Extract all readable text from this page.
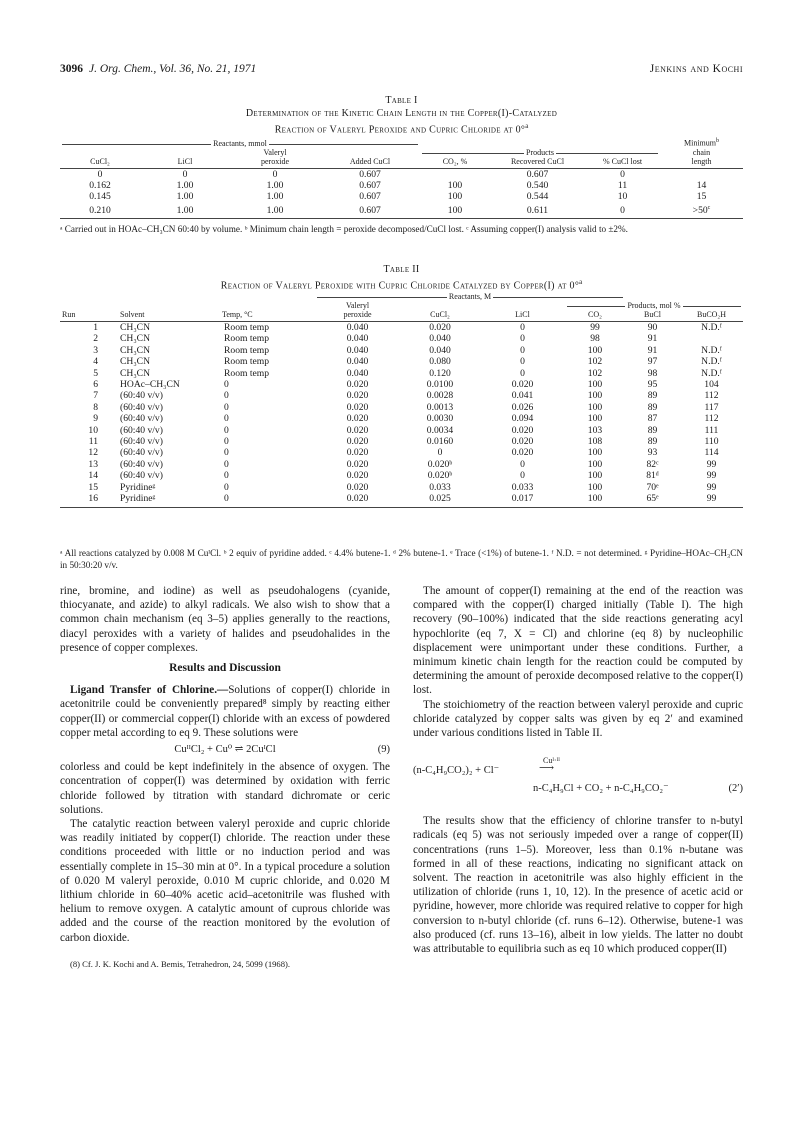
3096 J. Org. Chem., Vol. 36, No. 21, 1971	Jenkins and Kochi
Table I
Determination of the Kinetic Chain Length in the Copper(I)-Catalyzed
Reaction of Valeryl Peroxide and Cupric Chloride at 0°$^a$
Reactants, mmol							Minimum$^b$
		Valeryl		Products			chain
CuCl₂	LiCl	peroxide	Added CuCl	CO₂, %	Recovered CuCl	% CuCl lost	length

0	0	0	0.607		0.607	0	
0.162	1.00	1.00	0.607	100	0.540	11	14
0.145	1.00	1.00	0.607	100	0.544	10	15
0.210	1.00	1.00	0.607	100	0.611	0	$>50^c$

ᵃ Carried out in HOAc–CH₃CN 60:40 by volume. ᵇ Minimum chain length = peroxide decomposed/CuCl lost. ᶜ Assuming copper(I) analysis valid to ±2%.
Table II
Reaction of Valeryl Peroxide with Cupric Chloride Catalyzed by Copper(I) at 0°$^a$

Reactants, M					

			Valeryl			Products, mol %		

Run	Solvent	Temp, °C	peroxide	CuCl₂	LiCl	CO₂	BuCl	BuCO₂H

1	CH₃CN	Room temp	0.040	0.020	0	99	90	N.D.ᶠ
2	CH₃CN	Room temp	0.040	0.040	0	98	91	
3	CH₃CN	Room temp	0.040	0.040	0	100	91	N.D.ᶠ
4	CH₃CN	Room temp	0.040	0.080	0	102	97	N.D.ᶠ
5	CH₃CN	Room temp	0.040	0.120	0	102	98	N.D.ᶠ
6	HOAc–CH₃CN	0	0.020	0.0100	0.020	100	95	104
7	(60:40 v/v)	0	0.020	0.0028	0.041	100	89	112
8	(60:40 v/v)	0	0.020	0.0013	0.026	100	89	117
9	(60:40 v/v)	0	0.020	0.0030	0.094	100	87	112
10	(60:40 v/v)	0	0.020	0.0034	0.020	103	89	111
11	(60:40 v/v)	0	0.020	0.0160	0.020	108	89	110
12	(60:40 v/v)	0	0.020	0	0.020	100	93	114
13	(60:40 v/v)	0	0.020	0.020ᵇ	0	100	82ᶜ	99
14	(60:40 v/v)	0	0.020	0.020ᵇ	0	100	81ᵈ	99
15	Pyridineᵍ	0	0.020	0.033	0.033	100	70ᵉ	99
16	Pyridineᵍ	0	0.020	0.025	0.017	100	65ᵉ	99

ᵃ All reactions catalyzed by 0.008 M CuᴵCl. ᵇ 2 equiv of pyridine added. ᶜ 4.4% butene-1. ᵈ 2% butene-1. ᵉ Trace (<1%) of butene-1. ᶠ N.D. = not determined. ᵍ Pyridine–HOAc–CH₃CN in 50:30:20 v/v.

rine, bromine, and iodine) as well as pseudohalogens (cyanide, thiocyanate, and azide) to alkyl radicals. We also wish to show that a common chain mechanism (eq 3–5) applies generally to the reactions, diacyl peroxides with a variety of halides and pseudohalides in the presence of copper complexes.

Results and Discussion

Ligand Transfer of Chlorine.—Solutions of copper(I) chloride in acetonitrile could be conveniently prepared⁸ simply by reacting either copper(II) or commercial copper(I) chloride with an excess of powdered copper metal according to eq 9. These solutions were

CuᴵᴵCl₂ + Cu⁰ ⇌ 2CuᴵCl	(9)

colorless and could be kept indefinitely in the absence of oxygen. The concentration of copper(I) was determined by oxidation with ferric chloride followed by titration with standard dichromate or ceric solutions.

The catalytic reaction between valeryl peroxide and cupric chloride was readily initiated by copper(I) chloride. The reaction under these conditions proceeded with little or no induction period and was essentially complete in 15–30 min at 0°. In a typical procedure a solution of 0.020 M valeryl peroxide, 0.010 M cupric chloride, and 0.020 M lithium chloride in 60–40% acetic acid–acetonitrile was flushed with helium to remove oxygen. A catalytic amount of cuprous chloride was added and the course of the reaction monitored by the evolution of carbon dioxide.

(8) Cf. J. K. Kochi and A. Bemis, Tetrahedron, 24, 5099 (1968).

The amount of copper(I) remaining at the end of the reaction was compared with the copper(I) charged initially (Table I). The high recovery (90–100%) indicated that the side reactions generating acyl hypochlorite (eq 7, X = Cl) and chlorine (eq 8) by nucleophilic displacement were unimportant under these conditions. Further, a minimum kinetic chain length for the reaction could be computed by determining the amount of peroxide decomposed relative to the copper(I) lost.

The stoichiometry of the reaction between valeryl peroxide and cupric chloride catalyzed by copper salts was given by eq 2′ and examined under various conditions listed in Table II.

(n-C₄H₉CO₂)₂ + Cl⁻
Cuᴵ·ᴵᴵ
⟶
n-C₄H₉Cl + CO₂ + n-C₄H₉CO₂⁻	(2′)

The results show that the efficiency of chlorine transfer to n-butyl radicals (eq 5) was not seriously impeded over a range of copper(II) concentrations (runs 1–5). Moreover, less than 0.1% n-butane was formed in all of these reactions, indicating no significant attack on solvent. The reaction in acetonitrile was also highly efficient in the utilization of chloride (runs 1, 10, 12). In the presence of acetic acid or pyridine, however, more chloride was required relative to copper for high conversion to n-butyl chloride (cf. runs 6–12). Otherwise, butene-1 was also produced (cf. runs 13–16), albeit in low yields. The latter no doubt was attributable to equilibria such as eq 10 which produced copper(II)
